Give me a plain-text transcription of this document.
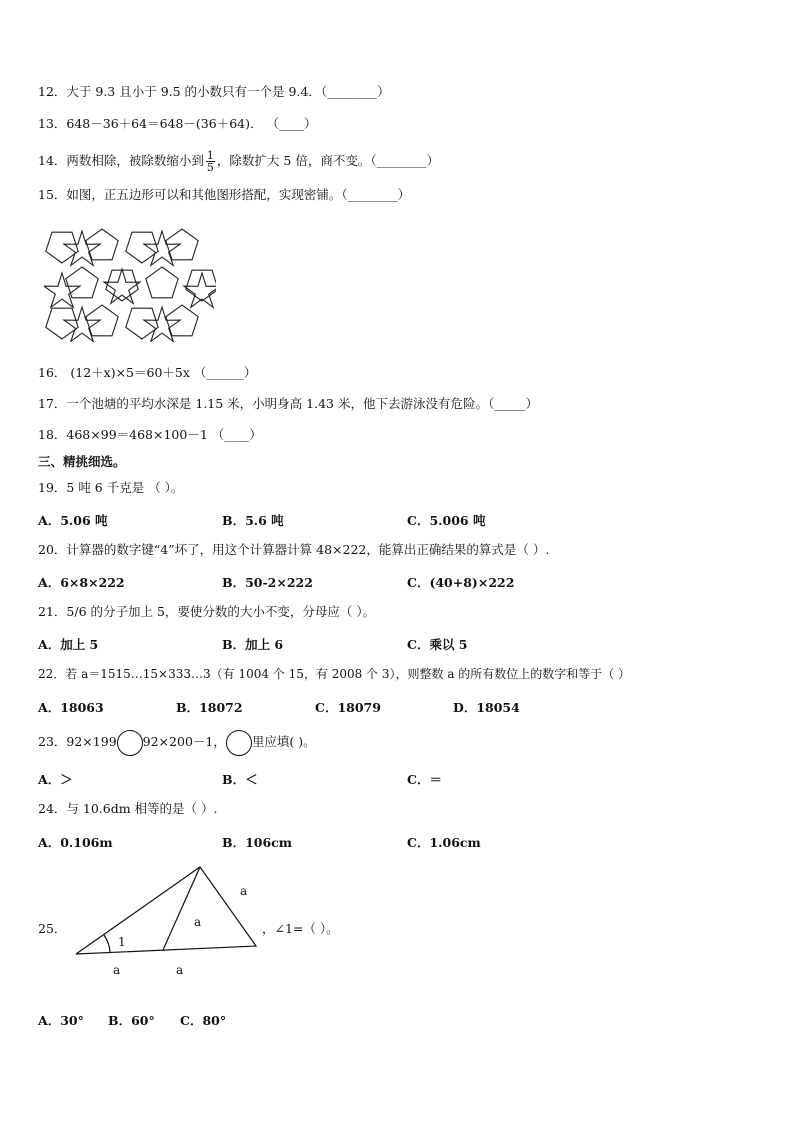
12．大于 9.3 且小于 9.5 的小数只有一个是 9.4．（________）
13．648－36＋64＝648－(36＋64)． （____）
14．两数相除，被除数缩小到 $\frac{1}{5}$ ，除数扩大 5 倍，商不变。（________）
15．如图，正五边形可以和其他图形搭配，实现密铺。（________）
16． (12＋x)×5＝60＋5x （______）
17．一个池塘的平均水深是 1.15 米，小明身高 1.43 米，他下去游泳没有危险。（_____）
18．468×99＝468×100－1 （____）
三、精挑细选。
19．5 吨 6 千克是 （ ）。
A．5.06 吨	B．5.6 吨	C．5.006 吨
20．计算器的数字键“4”坏了，用这个计算器计算 48×222，能算出正确结果的算式是（ ）.
A．6×8×222	B．50-2×222	C．(40+8)×222
21．5/6 的分子加上 5，要使分数的大小不变，分母应（ ）。
A．加上 5	B．加上 6	C．乘以 5
22．若 a＝1515…15×333…3（有 1004 个 15，有 2008 个 3），则整数 a 的所有数位上的数字和等于（ ）
A．18063	B．18072	C．18079	D．18054
23．92×199 92×200－1， 里应填( )。
A．＞	B．＜	C．＝
24．与 10.6dm 相等的是（ ）.
A．0.106m	B．106cm	C．1.06cm
25．
1
a
a
a	a
，∠1=（ ）。
A．30° B．60° C．80°
